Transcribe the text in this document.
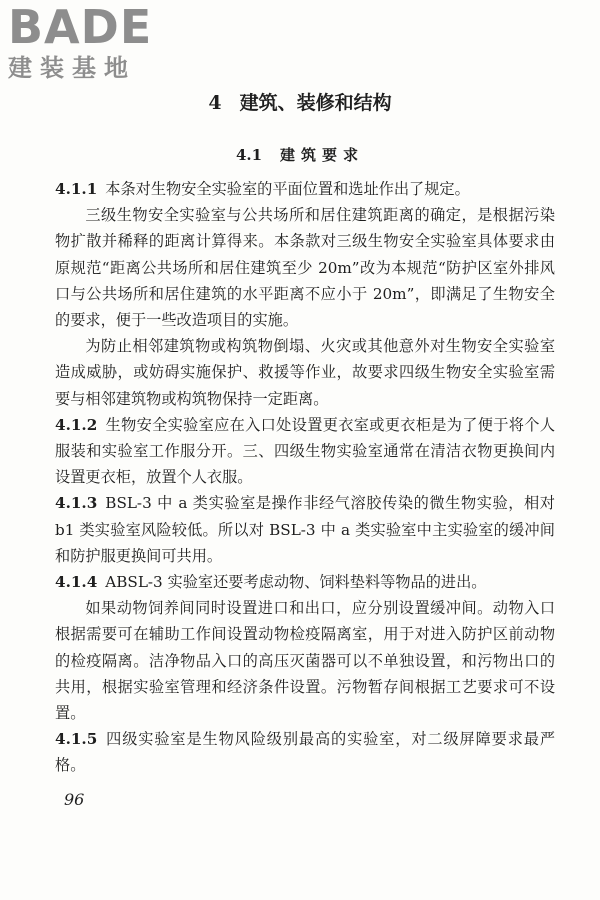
BADE
建装基地
4 建筑、装修和结构
4.1 建筑要求

4.1.1 本条对生物安全实验室的平面位置和选址作出了规定。

三级生物安全实验室与公共场所和居住建筑距离的确定，是根据污染物扩散并稀释的距离计算得来。本条款对三级生物安全实验室具体要求由原规范“距离公共场所和居住建筑至少 20m”改为本规范“防护区室外排风口与公共场所和居住建筑的水平距离不应小于 20m”，即满足了生物安全的要求，便于一些改造项目的实施。

为防止相邻建筑物或构筑物倒塌、火灾或其他意外对生物安全实验室造成威胁，或妨碍实施保护、救援等作业，故要求四级生物安全实验室需要与相邻建筑物或构筑物保持一定距离。

4.1.2 生物安全实验室应在入口处设置更衣室或更衣柜是为了便于将个人服装和实验室工作服分开。三、四级生物实验室通常在清洁衣物更换间内设置更衣柜，放置个人衣服。

4.1.3 BSL-3 中 a 类实验室是操作非经气溶胶传染的微生物实验，相对 b1 类实验室风险较低。所以对 BSL-3 中 a 类实验室中主实验室的缓冲间和防护服更换间可共用。

4.1.4 ABSL-3 实验室还要考虑动物、饲料垫料等物品的进出。

如果动物饲养间同时设置进口和出口，应分别设置缓冲间。动物入口根据需要可在辅助工作间设置动物检疫隔离室，用于对进入防护区前动物的检疫隔离。洁净物品入口的高压灭菌器可以不单独设置，和污物出口的共用，根据实验室管理和经济条件设置。污物暂存间根据工艺要求可不设置。

4.1.5 四级实验室是生物风险级别最高的实验室，对二级屏障要求最严格。

96
